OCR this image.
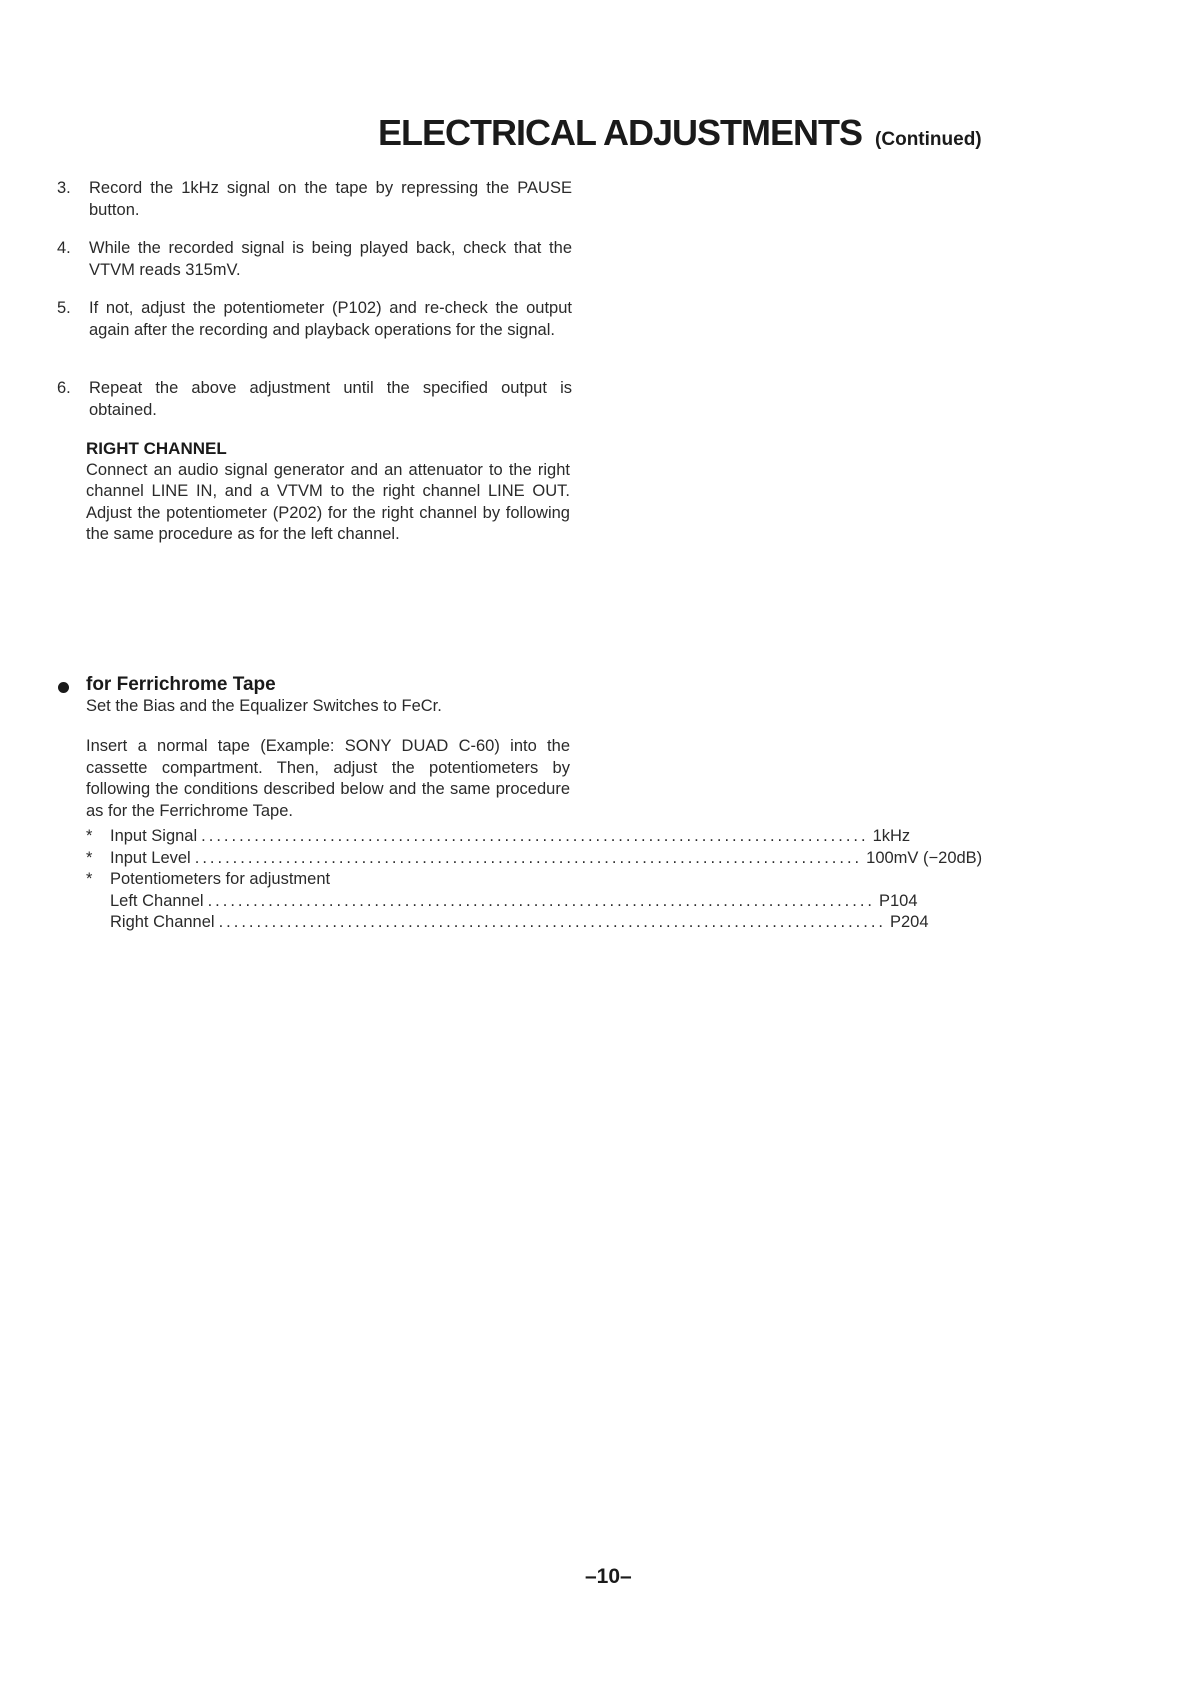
ELECTRICAL ADJUSTMENTS (Continued)
3. Record the 1kHz signal on the tape by repressing the PAUSE button.
4. While the recorded signal is being played back, check that the VTVM reads 315mV.
5. If not, adjust the potentiometer (P102) and re-check the output again after the recording and playback operations for the signal.
6. Repeat the above adjustment until the specified output is obtained.
RIGHT CHANNEL
Connect an audio signal generator and an attenuator to the right channel LINE IN, and a VTVM to the right channel LINE OUT. Adjust the potentiometer (P202) for the right channel by following the same procedure as for the left channel.
for Ferrichrome Tape
Set the Bias and the Equalizer Switches to FeCr.
Insert a normal tape (Example: SONY DUAD C-60) into the cassette compartment. Then, adjust the potentiometers by following the conditions described below and the same procedure as for the Ferrichrome Tape.
*	Input Signal ........................................................................................ 1kHz
*	Input Level ........................................................................................ 100mV (−20dB)
*	Potentiometers for adjustment
Left Channel ........................................................................................ P104
Right Channel ........................................................................................ P204
–10–
